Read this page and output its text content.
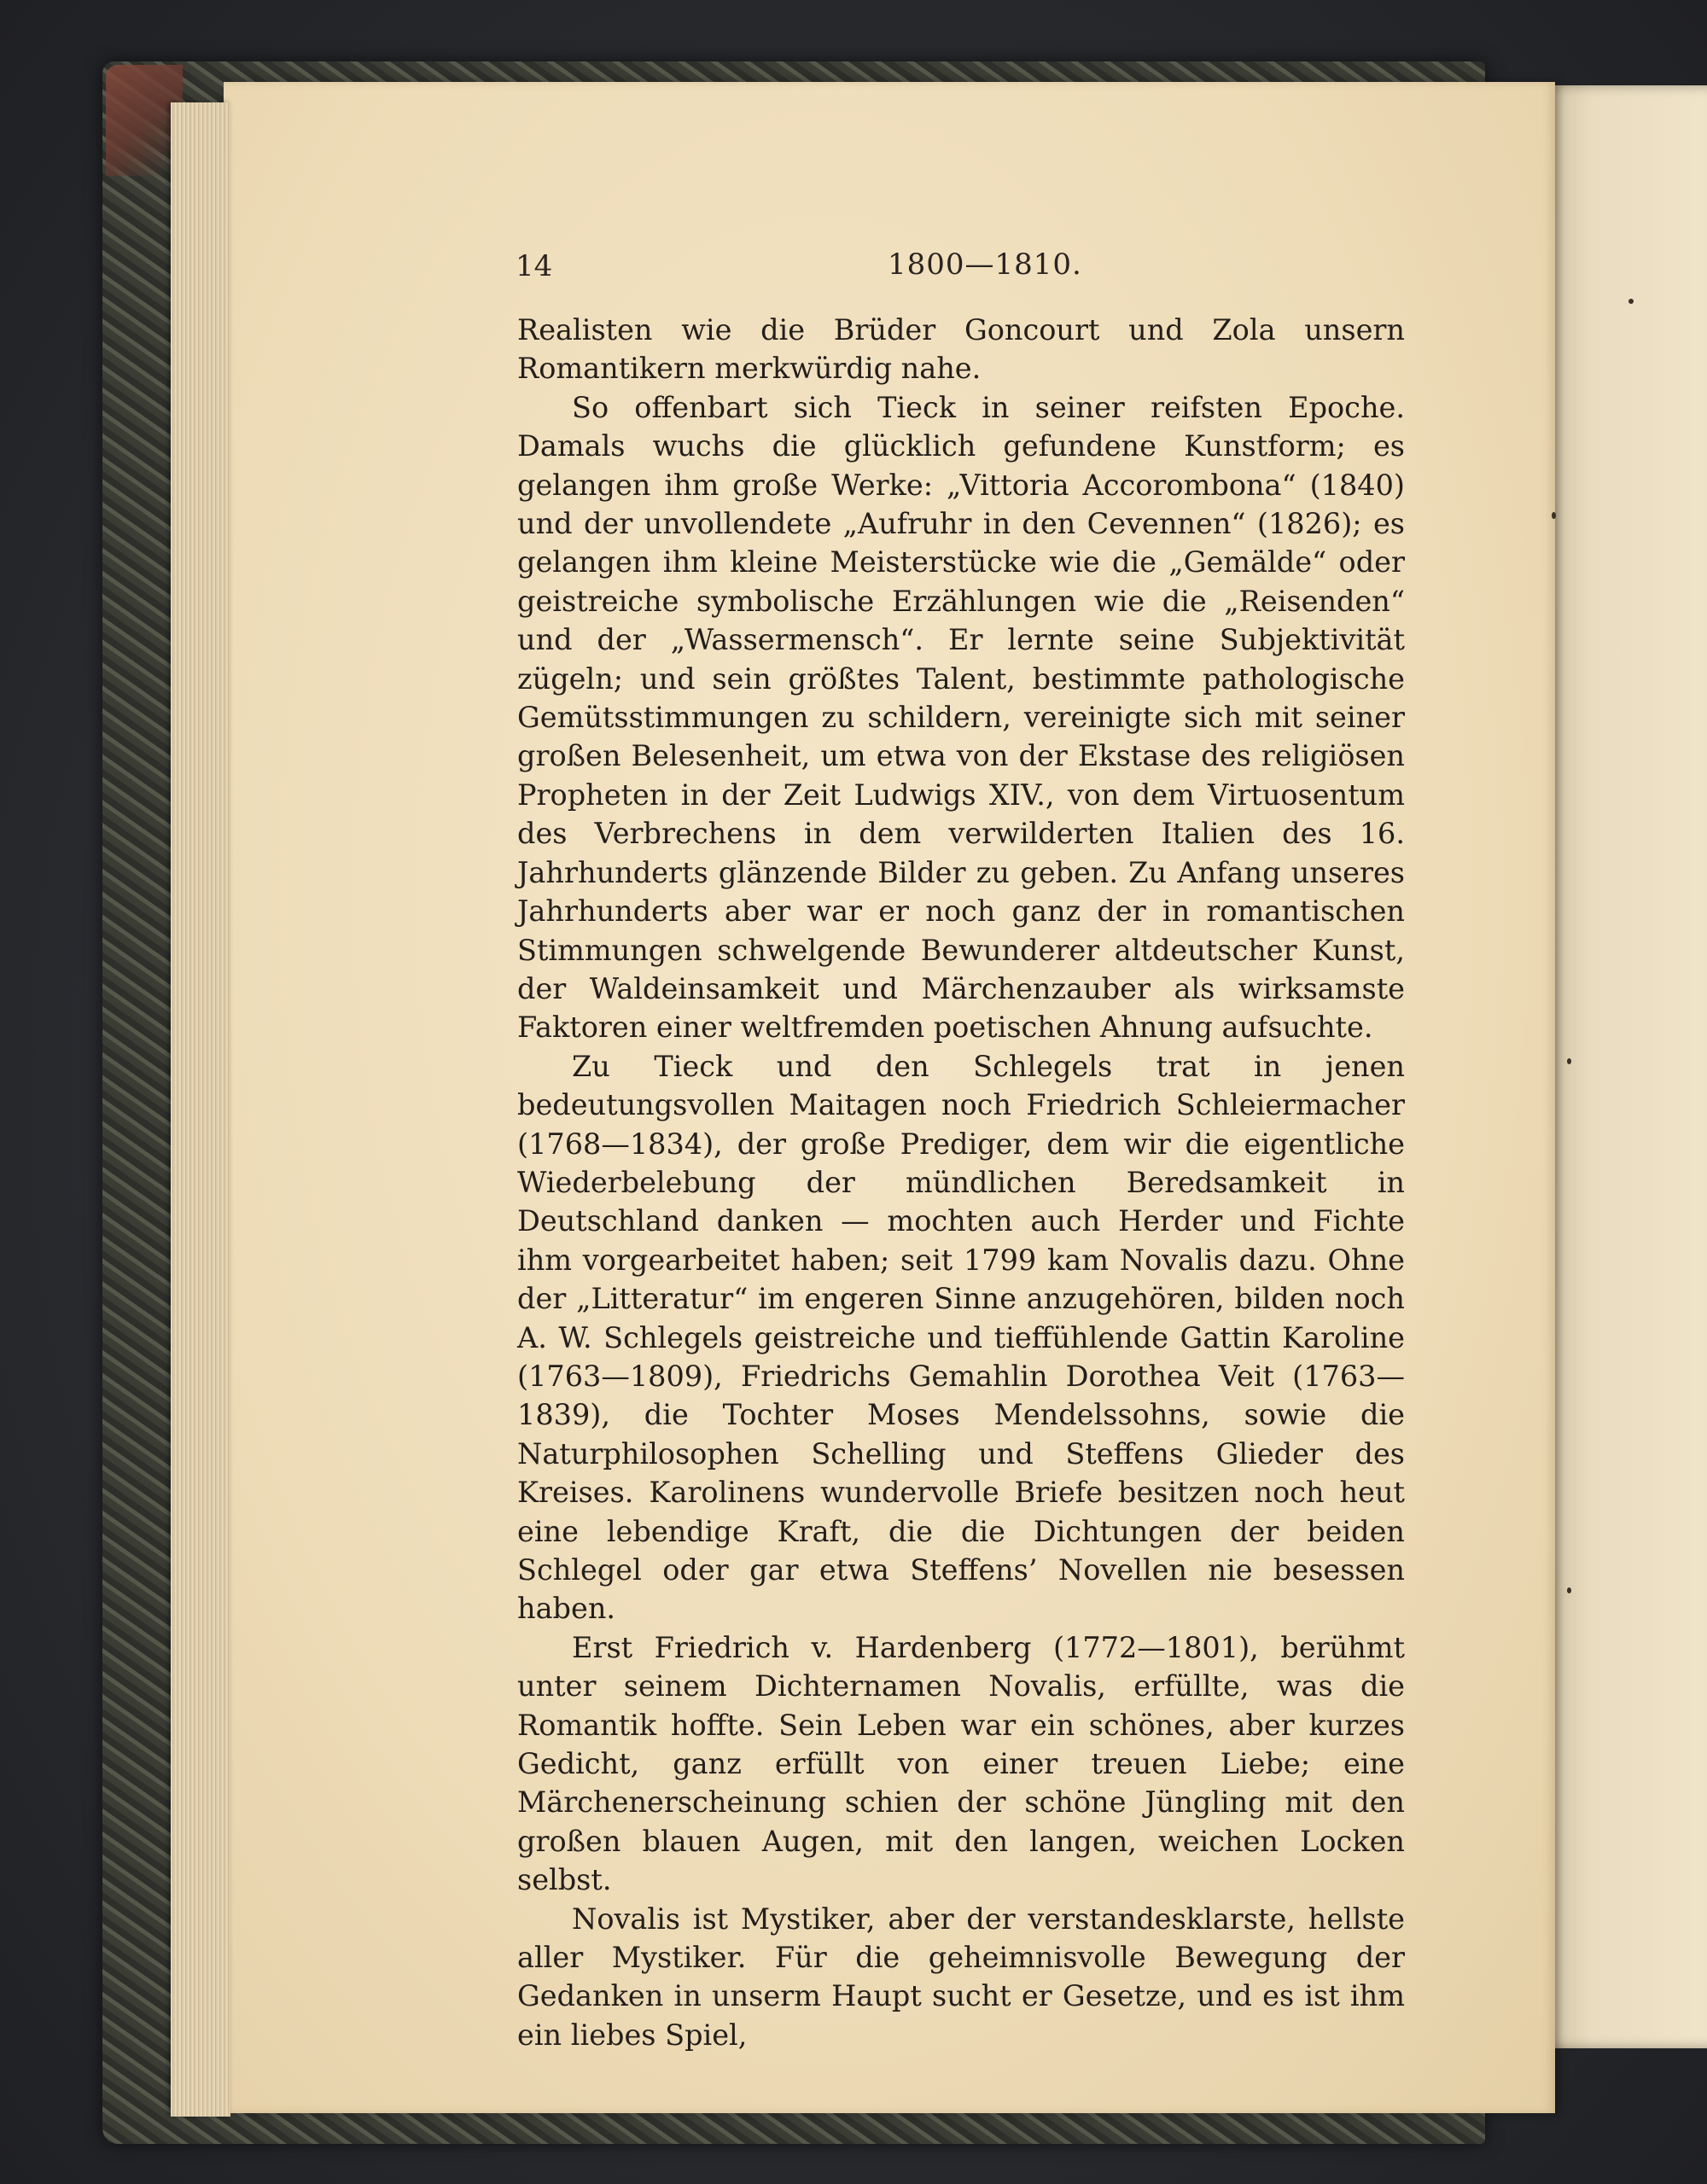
14	1800—1810.

Realisten wie die Brüder Goncourt und Zola unsern Romantikern merkwürdig nahe.

So offenbart sich Tieck in seiner reifsten Epoche. Damals wuchs die glücklich gefundene Kunstform; es gelangen ihm große Werke: „Vittoria Accorombona“ (1840) und der unvollendete „Aufruhr in den Cevennen“ (1826); es gelangen ihm kleine Meisterstücke wie die „Gemälde“ oder geistreiche symbolische Erzählungen wie die „Reisenden“ und der „Wassermensch“. Er lernte seine Subjektivität zügeln; und sein größtes Talent, bestimmte pathologische Gemütsstimmungen zu schildern, vereinigte sich mit seiner großen Belesenheit, um etwa von der Ekstase des religiösen Propheten in der Zeit Ludwigs XIV., von dem Virtuosentum des Verbrechens in dem verwilderten Italien des 16. Jahrhunderts glänzende Bilder zu geben. Zu Anfang unseres Jahrhunderts aber war er noch ganz der in romantischen Stimmungen schwelgende Bewunderer altdeutscher Kunst, der Waldeinsamkeit und Märchenzauber als wirksamste Faktoren einer weltfremden poetischen Ahnung aufsuchte.

Zu Tieck und den Schlegels trat in jenen bedeutungsvollen Maitagen noch Friedrich Schleiermacher (1768—1834), der große Prediger, dem wir die eigentliche Wiederbelebung der mündlichen Beredsamkeit in Deutschland danken — mochten auch Herder und Fichte ihm vorgearbeitet haben; seit 1799 kam Novalis dazu. Ohne der „Litteratur“ im engeren Sinne anzugehören, bilden noch A. W. Schlegels geistreiche und tieffühlende Gattin Karoline (1763—1809), Friedrichs Gemahlin Dorothea Veit (1763—1839), die Tochter Moses Mendelssohns, sowie die Naturphilosophen Schelling und Steffens Glieder des Kreises. Karolinens wundervolle Briefe besitzen noch heut eine lebendige Kraft, die die Dichtungen der beiden Schlegel oder gar etwa Steffens’ Novellen nie besessen haben.

Erst Friedrich v. Hardenberg (1772—1801), berühmt unter seinem Dichternamen Novalis, erfüllte, was die Romantik hoffte. Sein Leben war ein schönes, aber kurzes Gedicht, ganz erfüllt von einer treuen Liebe; eine Märchenerscheinung schien der schöne Jüngling mit den großen blauen Augen, mit den langen, weichen Locken selbst.

Novalis ist Mystiker, aber der verstandesklarste, hellste aller Mystiker. Für die geheimnisvolle Bewegung der Gedanken in unserm Haupt sucht er Gesetze, und es ist ihm ein liebes Spiel,
